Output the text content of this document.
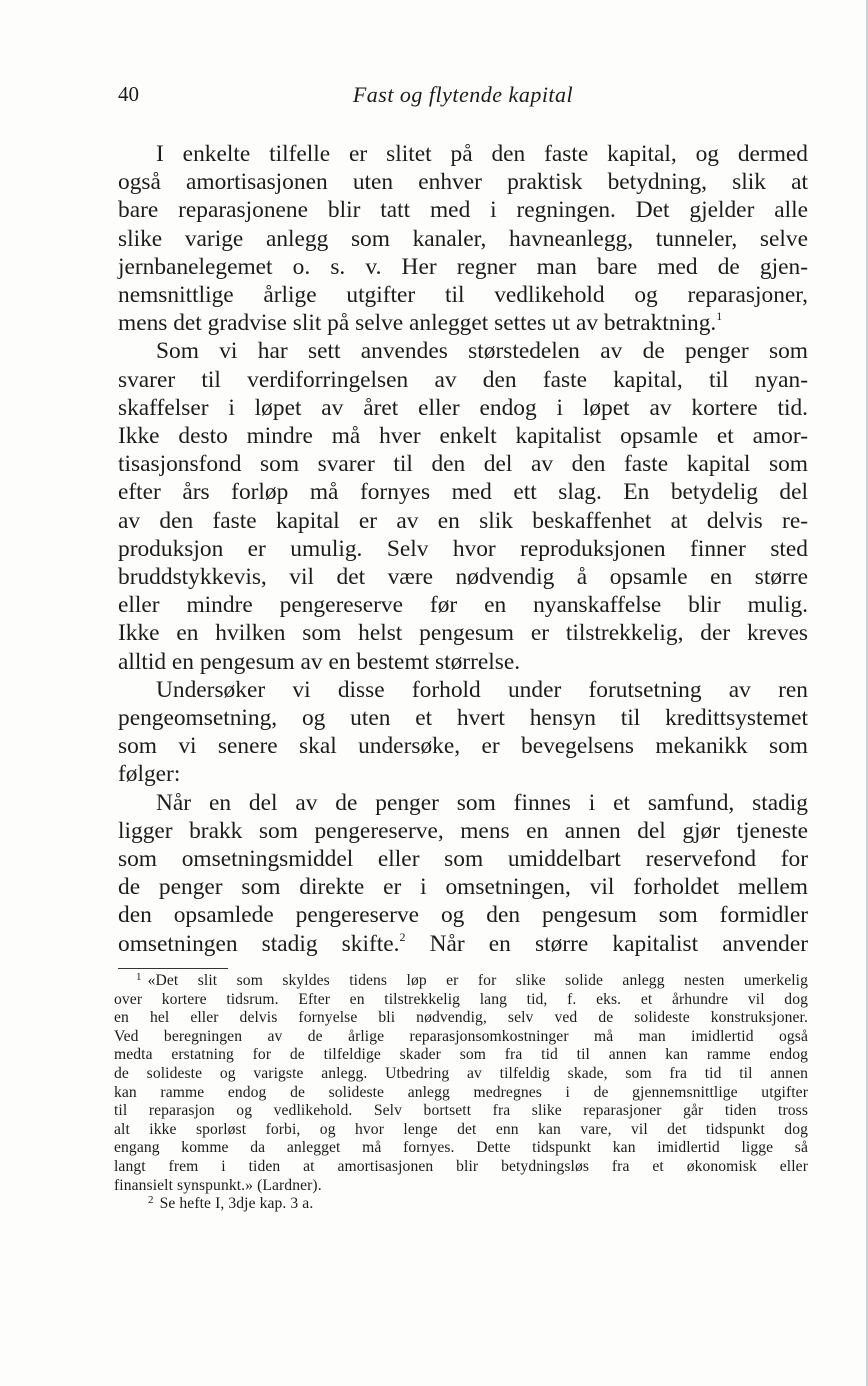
40	Fast og flytende kapital
I enkelte tilfelle er slitet på den faste kapital, og dermed
også amortisasjonen uten enhver praktisk betydning, slik at
bare reparasjonene blir tatt med i regningen. Det gjelder alle
slike varige anlegg som kanaler, havneanlegg, tunneler, selve
jernbanelegemet o. s. v. Her regner man bare med de gjen-
nemsnittlige årlige utgifter til vedlikehold og reparasjoner,
mens det gradvise slit på selve anlegget settes ut av betraktning.$^1$
Som vi har sett anvendes størstedelen av de penger som
svarer til verdiforringelsen av den faste kapital, til nyan-
skaffelser i løpet av året eller endog i løpet av kortere tid.
Ikke desto mindre må hver enkelt kapitalist opsamle et amor-
tisasjonsfond som svarer til den del av den faste kapital som
efter års forløp må fornyes med ett slag. En betydelig del
av den faste kapital er av en slik beskaffenhet at delvis re-
produksjon er umulig. Selv hvor reproduksjonen finner sted
bruddstykkevis, vil det være nødvendig å opsamle en større
eller mindre pengereserve før en nyanskaffelse blir mulig.
Ikke en hvilken som helst pengesum er tilstrekkelig, der kreves
alltid en pengesum av en bestemt størrelse.
Undersøker vi disse forhold under forutsetning av ren
pengeomsetning, og uten et hvert hensyn til kredittsystemet
som vi senere skal undersøke, er bevegelsens mekanikk som
følger:
Når en del av de penger som finnes i et samfund, stadig
ligger brakk som pengereserve, mens en annen del gjør tjeneste
som omsetningsmiddel eller som umiddelbart reservefond for
de penger som direkte er i omsetningen, vil forholdet mellem
den opsamlede pengereserve og den pengesum som formidler
omsetningen stadig skifte.$^2$ Når en større kapitalist anvender
$^1$ «Det slit som skyldes tidens løp er for slike solide anlegg nesten umerkelig
over kortere tidsrum. Efter en tilstrekkelig lang tid, f. eks. et århundre vil dog
en hel eller delvis fornyelse bli nødvendig, selv ved de solideste konstruksjoner.
Ved beregningen av de årlige reparasjonsomkostninger må man imidlertid også
medta erstatning for de tilfeldige skader som fra tid til annen kan ramme endog
de solideste og varigste anlegg. Utbedring av tilfeldig skade, som fra tid til annen
kan ramme endog de solideste anlegg medregnes i de gjennemsnittlige utgifter
til reparasjon og vedlikehold. Selv bortsett fra slike reparasjoner går tiden tross
alt ikke sporløst forbi, og hvor lenge det enn kan vare, vil det tidspunkt dog
engang komme da anlegget må fornyes. Dette tidspunkt kan imidlertid ligge så
langt frem i tiden at amortisasjonen blir betydningsløs fra et økonomisk eller
finansielt synspunkt.» (Lardner).
$^2$ Se hefte I, 3dje kap. 3 a.
